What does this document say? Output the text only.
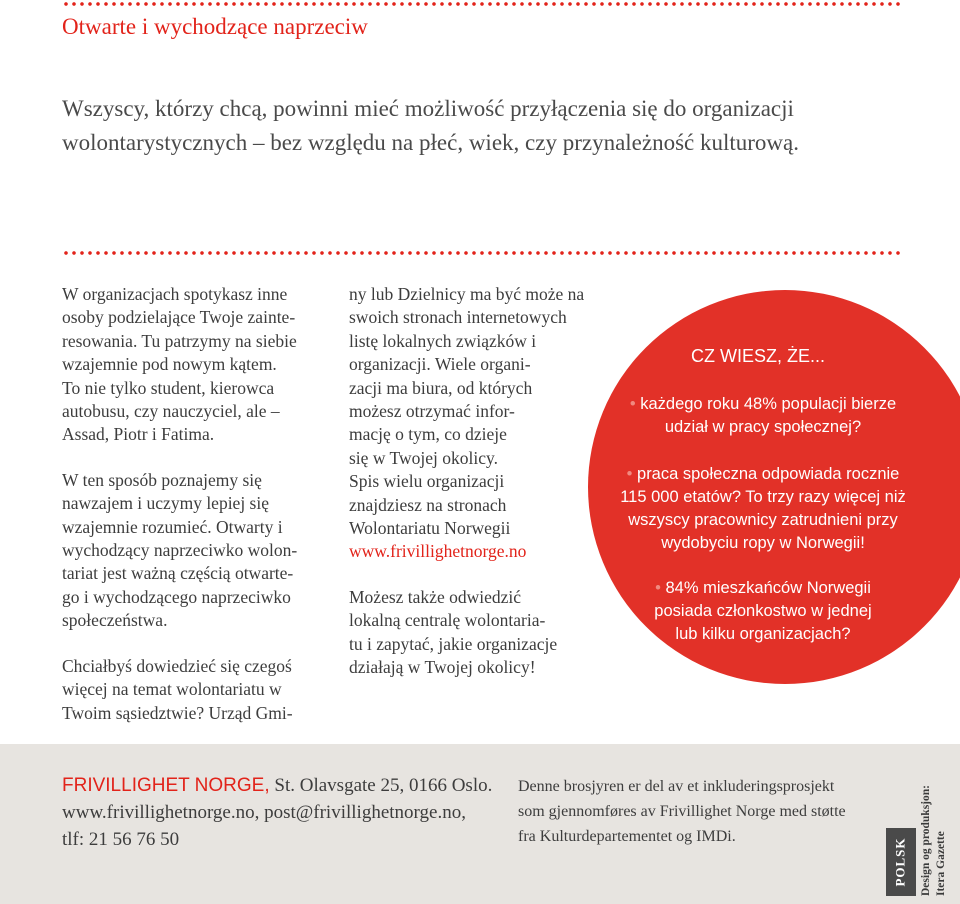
Otwarte i wychodzące naprzeciw

Wszyscy, którzy chcą, powinni mieć możliwość przyłączenia się do organizacji
wolontarystycznych – bez względu na płeć, wiek, czy przynależność kulturową.

W organizacjach spotykasz inne
osoby podzielające Twoje zainte-
resowania. Tu patrzymy na siebie
wzajemnie pod nowym kątem.
To nie tylko student, kierowca
autobusu, czy nauczyciel, ale –
Assad, Piotr i Fatima.

W ten sposób poznajemy się
nawzajem i uczymy lepiej się
wzajemnie rozumieć. Otwarty i
wychodzący naprzeciwko wolon-
tariat jest ważną częścią otwarte-
go i wychodzącego naprzeciwko
społeczeństwa.

Chciałbyś dowiedzieć się czegoś
więcej na temat wolontariatu w
Twoim sąsiedztwie? Urząd Gmi-

ny lub Dzielnicy ma być może na
swoich stronach internetowych
listę lokalnych związków i
organizacji. Wiele organi-
zacji ma biura, od których
możesz otrzymać infor-
mację o tym, co dzieje
się w Twojej okolicy.
Spis wielu organizacji
znajdziesz na stronach
Wolontariatu Norwegii
www.frivillighetnorge.no

Możesz także odwiedzić
lokalną centralę wolontaria-
tu i zapytać, jakie organizacje
działają w Twojej okolicy!

CZ WIESZ, ŻE...
• każdego roku 48% populacji bierze
udział w pracy społecznej?
• praca społeczna odpowiada rocznie
115 000 etatów? To trzy razy więcej niż
wszyscy pracownicy zatrudnieni przy
wydobyciu ropy w Norwegii!
• 84% mieszkańców Norwegii
posiada członkostwo w jednej
lub kilku organizacjach?
FRIVILLIGHET NORGE, St. Olavsgate 25, 0166 Oslo.
www.frivillighetnorge.no, post@frivillighetnorge.no,
tlf: 21 56 76 50
Denne brosjyren er del av et inkluderingsprosjekt
som gjennomføres av Frivillighet Norge med støtte
fra Kulturdepartementet og IMDi.
POLSK Design og produksjon: Itera Gazette
